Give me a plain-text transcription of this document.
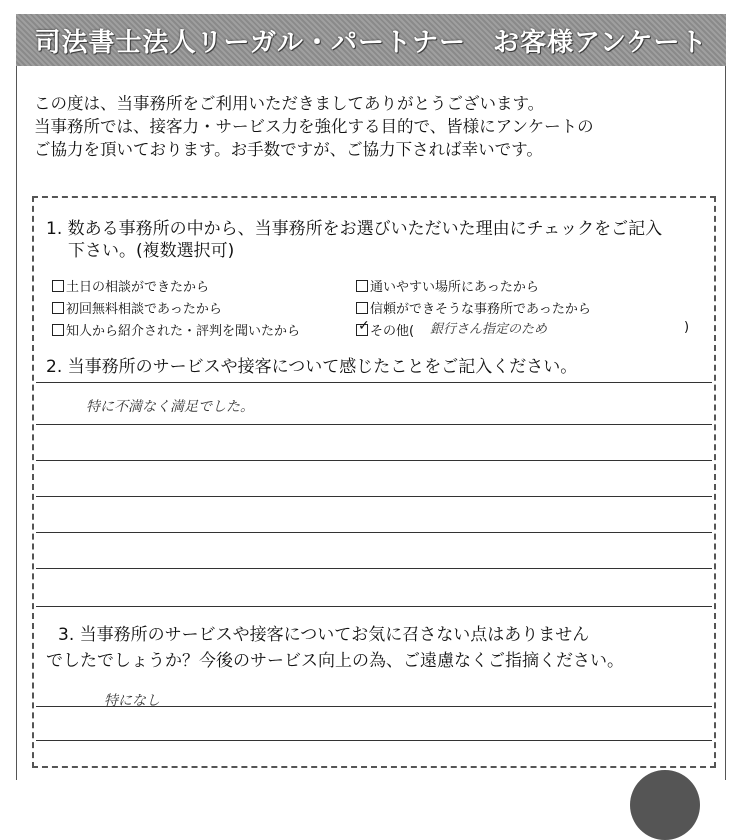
司法書士法人リーガル・パートナー　お客様アンケート
この度は、当事務所をご利用いただきましてありがとうございます。
当事務所では、接客力・サービス力を強化する目的で、皆様にアンケートの
ご協力を頂いております。お手数ですが、ご協力下されば幸いです。
1. 数ある事務所の中から、当事務所をお選びいただいた理由にチェックをご記入
下さい。(複数選択可)
土日の相談ができたから
初回無料相談であったから
知人から紹介された・評判を聞いたから
通いやすい場所にあったから
信頼ができそうな事務所であったから
✓ その他( 銀行さん指定のため	)
2. 当事務所のサービスや接客について感じたことをご記入ください。
特に不満なく満足でした。
3. 当事務所のサービスや接客についてお気に召さない点はありません
でしたでしょうか？今後のサービス向上の為、ご遠慮なくご指摘ください。
特になし
